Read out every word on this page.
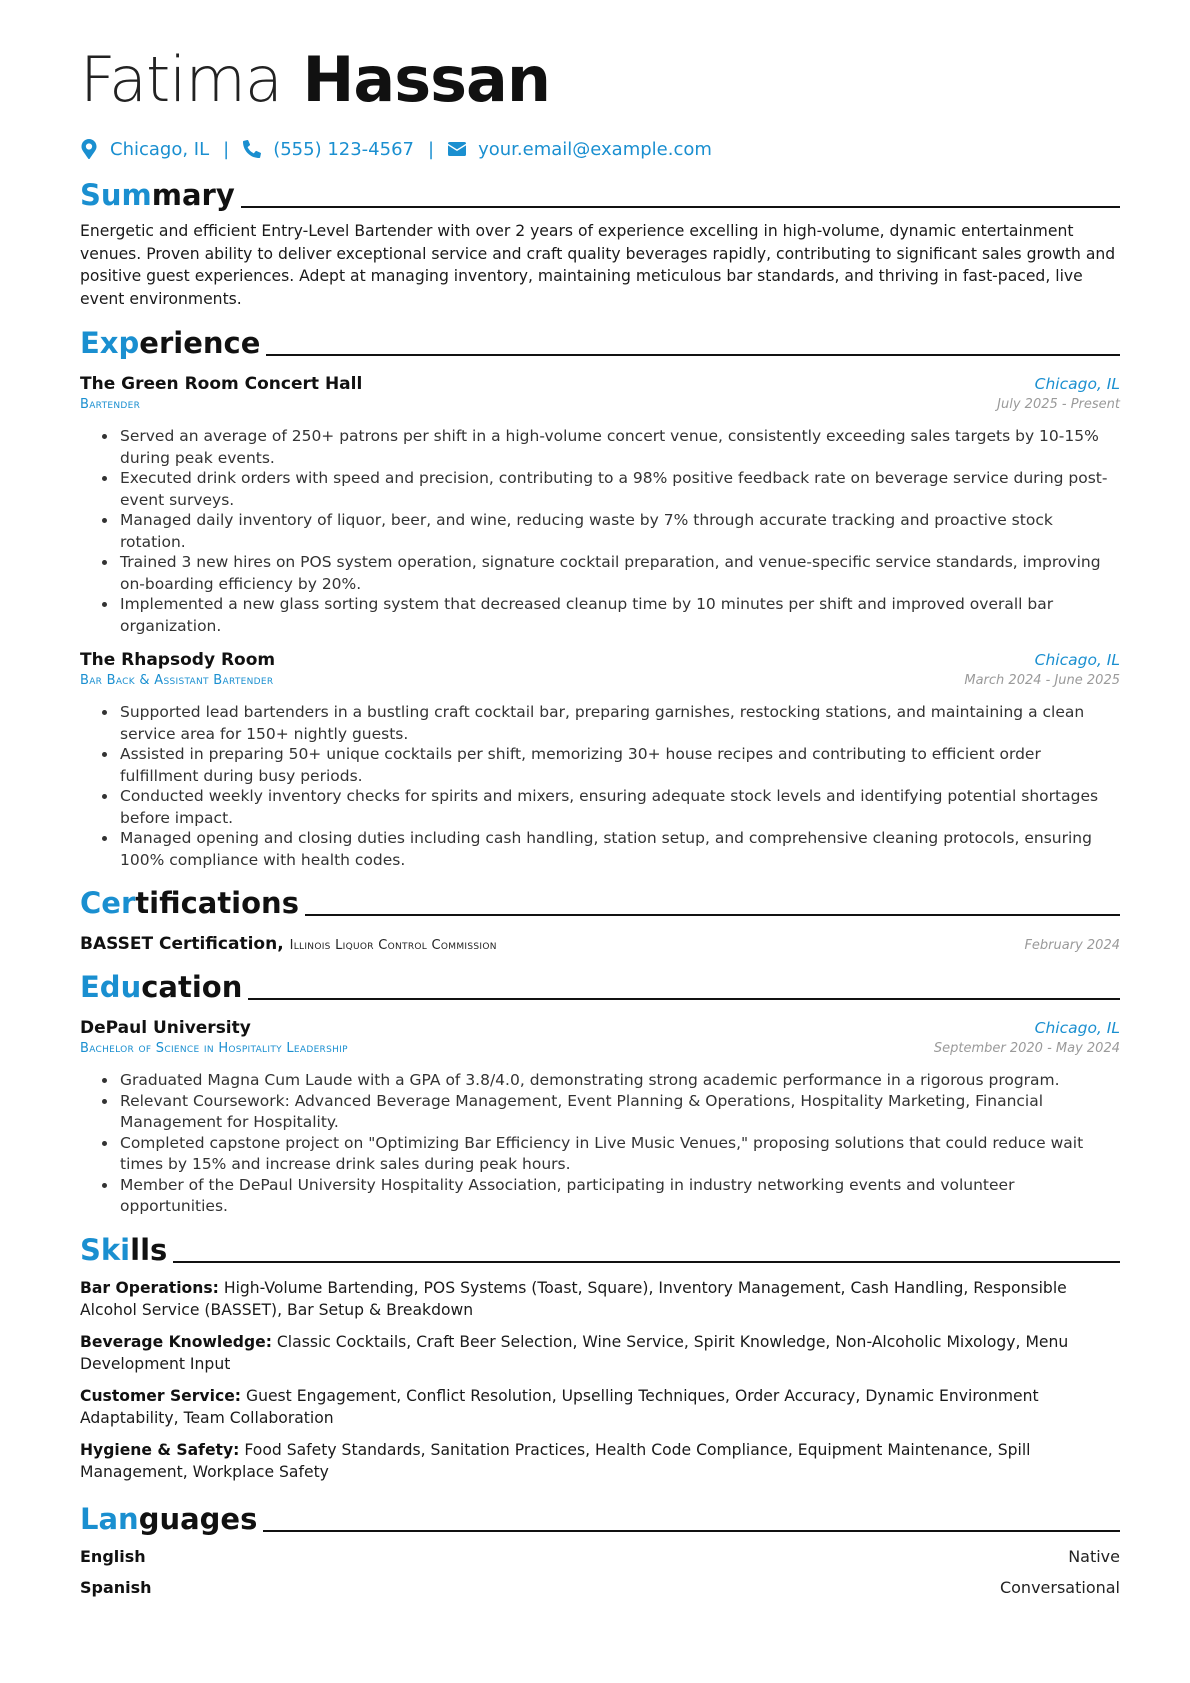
Fatima Hassan
Chicago, IL | (555) 123-4567 | your.email@example.com
Summary
Energetic and efficient Entry-Level Bartender with over 2 years of experience excelling in high-volume, dynamic entertainment venues. Proven ability to deliver exceptional service and craft quality beverages rapidly, contributing to significant sales growth and positive guest experiences. Adept at managing inventory, maintaining meticulous bar standards, and thriving in fast-paced, live event environments.
Experience
The Green Room Concert Hall	Chicago, IL
Bartender	July 2025 - Present
• Served an average of 250+ patrons per shift in a high-volume concert venue, consistently exceeding sales targets by 10-15% during peak events.
• Executed drink orders with speed and precision, contributing to a 98% positive feedback rate on beverage service during post-event surveys.
• Managed daily inventory of liquor, beer, and wine, reducing waste by 7% through accurate tracking and proactive stock rotation.
• Trained 3 new hires on POS system operation, signature cocktail preparation, and venue-specific service standards, improving on-boarding efficiency by 20%.
• Implemented a new glass sorting system that decreased cleanup time by 10 minutes per shift and improved overall bar organization.
The Rhapsody Room	Chicago, IL
Bar Back & Assistant Bartender	March 2024 - June 2025
• Supported lead bartenders in a bustling craft cocktail bar, preparing garnishes, restocking stations, and maintaining a clean service area for 150+ nightly guests.
• Assisted in preparing 50+ unique cocktails per shift, memorizing 30+ house recipes and contributing to efficient order fulfillment during busy periods.
• Conducted weekly inventory checks for spirits and mixers, ensuring adequate stock levels and identifying potential shortages before impact.
• Managed opening and closing duties including cash handling, station setup, and comprehensive cleaning protocols, ensuring 100% compliance with health codes.
Certifications
BASSET Certification, Illinois Liquor Control Commission	February 2024
Education
DePaul University	Chicago, IL
Bachelor of Science in Hospitality Leadership	September 2020 - May 2024
• Graduated Magna Cum Laude with a GPA of 3.8/4.0, demonstrating strong academic performance in a rigorous program.
• Relevant Coursework: Advanced Beverage Management, Event Planning & Operations, Hospitality Marketing, Financial Management for Hospitality.
• Completed capstone project on "Optimizing Bar Efficiency in Live Music Venues," proposing solutions that could reduce wait times by 15% and increase drink sales during peak hours.
• Member of the DePaul University Hospitality Association, participating in industry networking events and volunteer opportunities.
Skills
Bar Operations: High-Volume Bartending, POS Systems (Toast, Square), Inventory Management, Cash Handling, Responsible Alcohol Service (BASSET), Bar Setup & Breakdown
Beverage Knowledge: Classic Cocktails, Craft Beer Selection, Wine Service, Spirit Knowledge, Non-Alcoholic Mixology, Menu Development Input
Customer Service: Guest Engagement, Conflict Resolution, Upselling Techniques, Order Accuracy, Dynamic Environment Adaptability, Team Collaboration
Hygiene & Safety: Food Safety Standards, Sanitation Practices, Health Code Compliance, Equipment Maintenance, Spill Management, Workplace Safety
Languages
English	Native
Spanish	Conversational
